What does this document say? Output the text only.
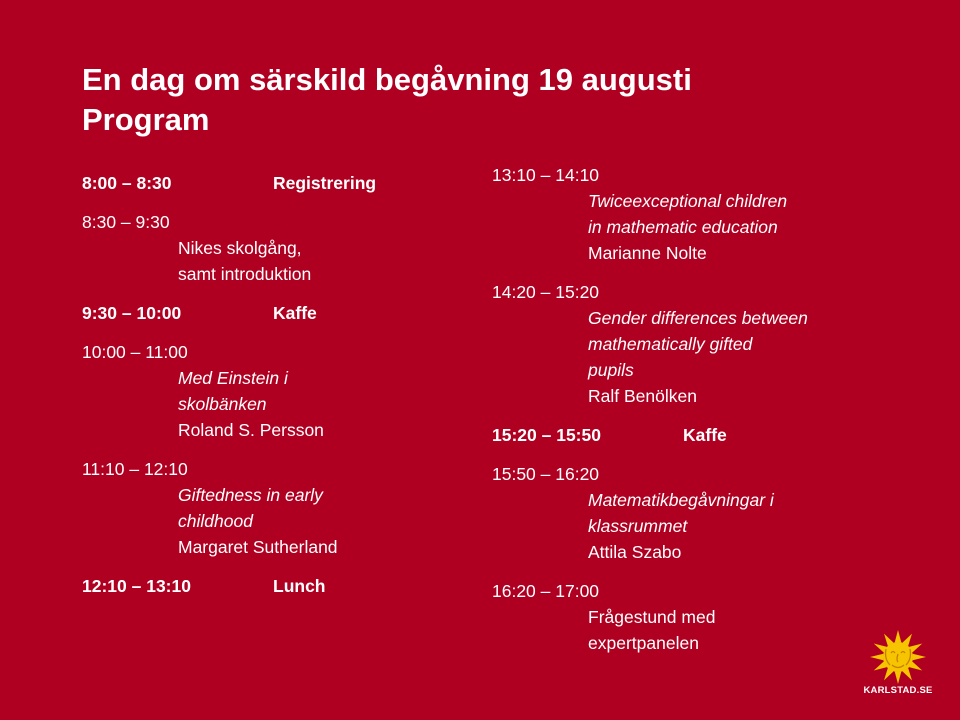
En dag om särskild begåvning 19 augusti
Program
8:00 – 8:30	Registrering
8:30 – 9:30
Nikes skolgång,
samt introduktion
9:30 – 10:00	Kaffe
10:00 – 11:00
Med Einstein i
skolbänken
Roland S. Persson
11:10 – 12:10
Giftedness in early
childhood
Margaret Sutherland
12:10 – 13:10	Lunch
13:10 – 14:10
Twiceexceptional children
in mathematic education
Marianne Nolte
14:20 – 15:20
Gender differences between
mathematically gifted
pupils
Ralf Benölken
15:20 – 15:50	Kaffe
15:50 – 16:20
Matematikbegåvningar i
klassrummet
Attila Szabo
16:20 – 17:00
Frågestund med
expertpanelen
KARLSTAD.SE
